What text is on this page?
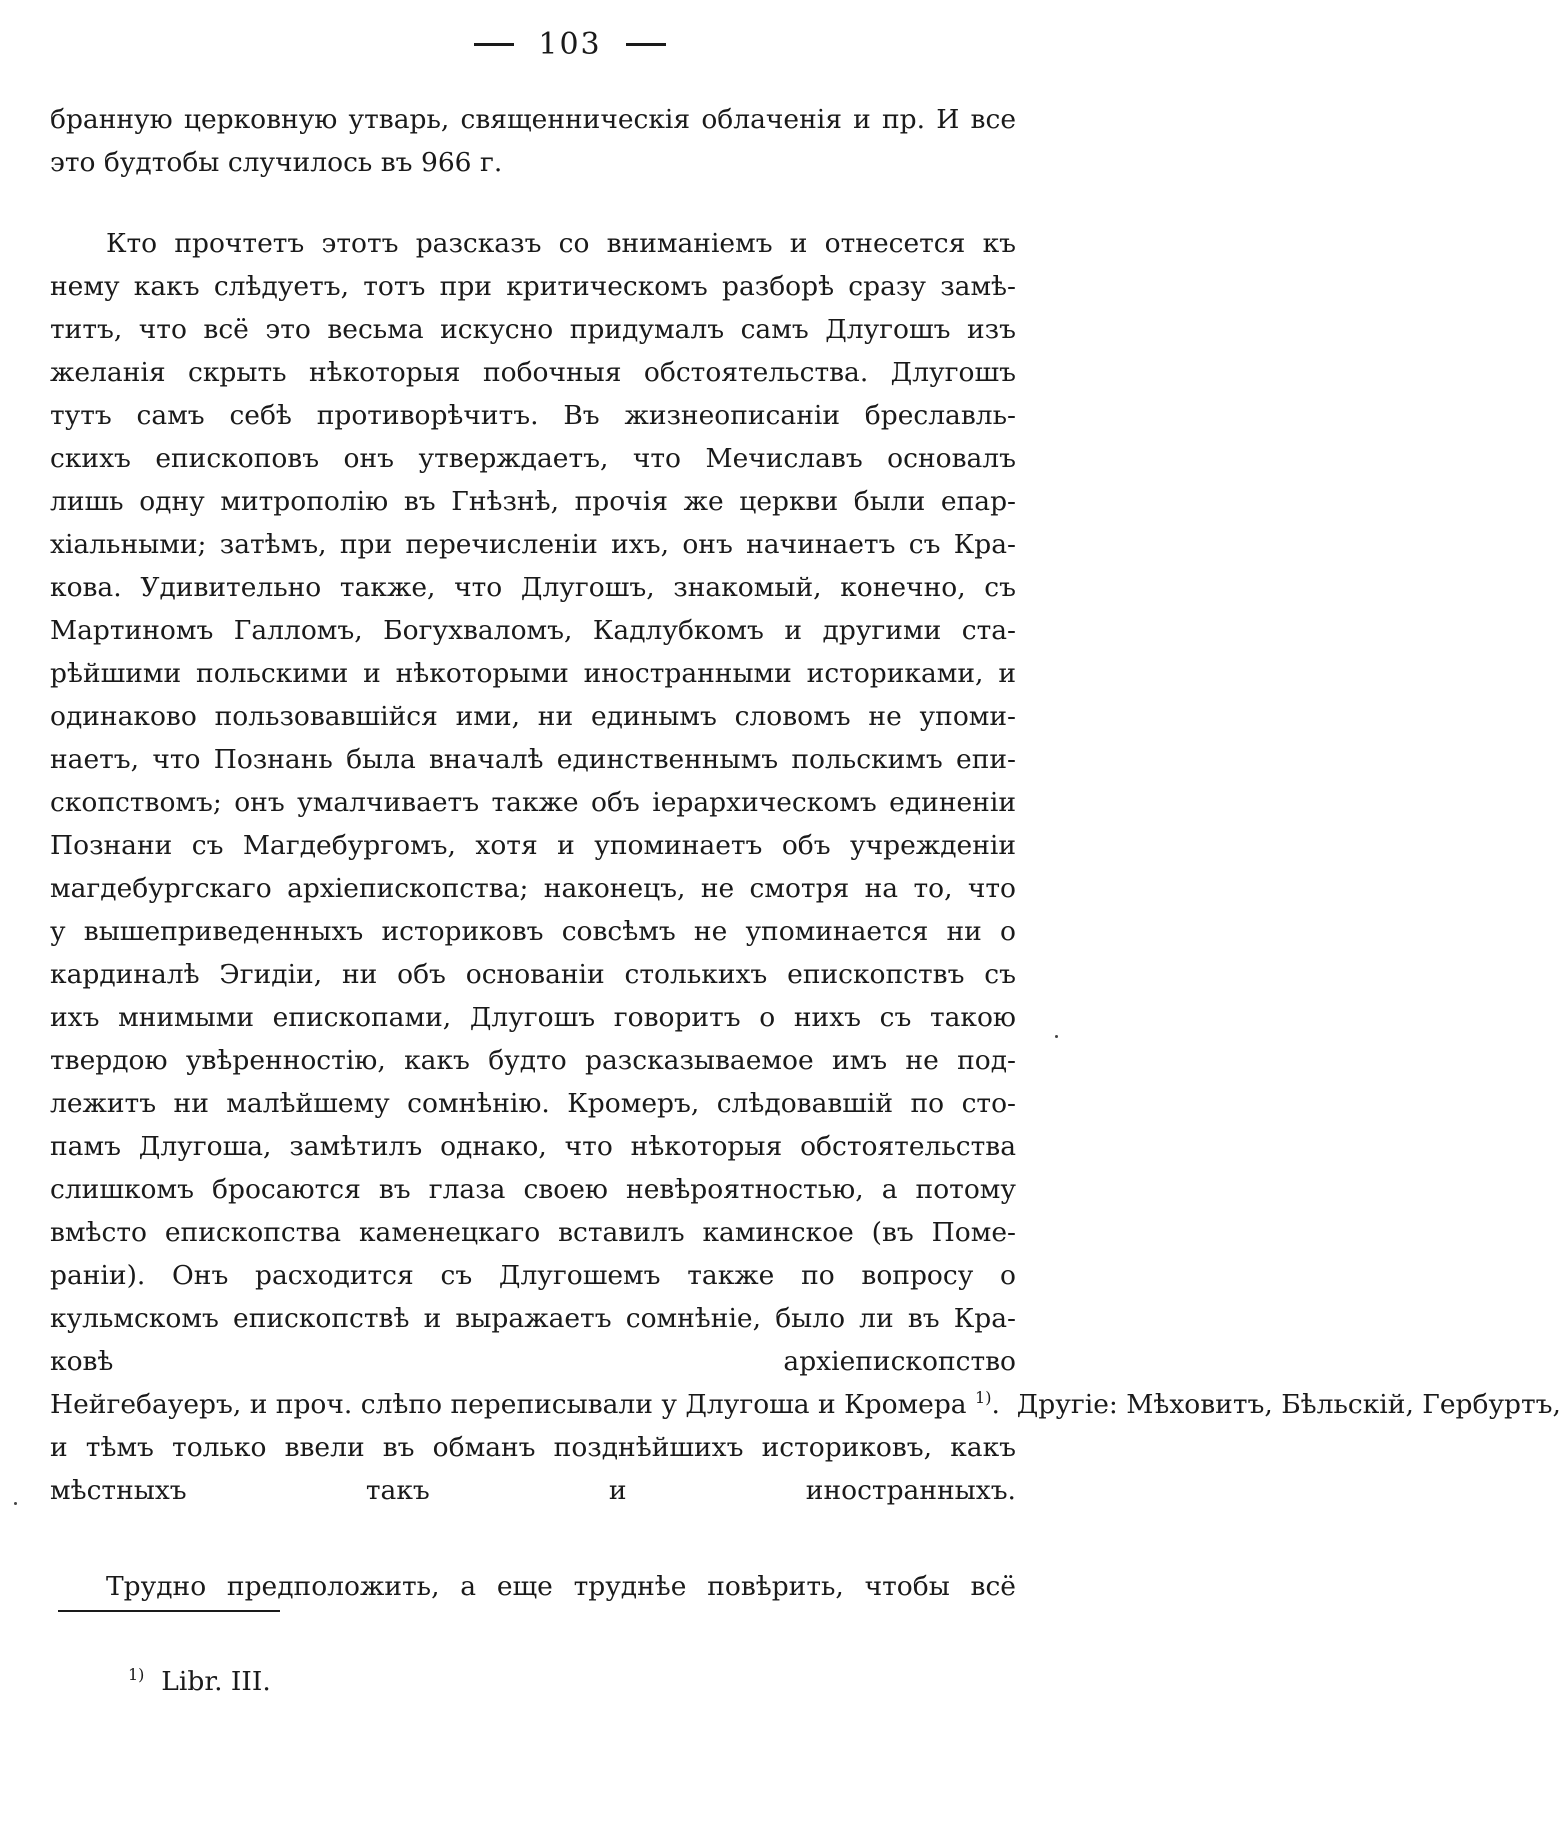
103
бранную церковную утварь, священническія облаченія и пр. И все
это будтобы случилось въ 966 г.
Кто прочтетъ этотъ разсказъ со вниманіемъ и отнесется къ
нему какъ слѣдуетъ, тотъ при критическомъ разборѣ сразу замѣ-
титъ, что всё это весьма искусно придумалъ самъ Длугошъ изъ
желанія скрыть нѣкоторыя побочныя обстоятельства. Длугошъ
тутъ самъ себѣ противорѣчитъ. Въ жизнеописаніи бреславль-
скихъ епископовъ онъ утверждаетъ, что Мечиславъ основалъ
лишь одну митрополію въ Гнѣзнѣ, прочія же церкви были епар-
хіальными; затѣмъ, при перечисленіи ихъ, онъ начинаетъ съ Кра-
кова. Удивительно также, что Длугошъ, знакомый, конечно, съ
Мартиномъ Галломъ, Богухваломъ, Кадлубкомъ и другими ста-
рѣйшими польскими и нѣкоторыми иностранными историками, и
одинаково пользовавшійся ими, ни единымъ словомъ не упоми-
наетъ, что Познань была вначалѣ единственнымъ польскимъ епи-
скопствомъ; онъ умалчиваетъ также объ іерархическомъ единеніи
Познани съ Магдебургомъ, хотя и упоминаетъ объ учрежденіи
магдебургскаго архіепископства; наконецъ, не смотря на то, что
у вышеприведенныхъ историковъ совсѣмъ не упоминается ни о
кардиналѣ Эгидіи, ни объ основаніи столькихъ епископствъ съ
ихъ мнимыми епископами, Длугошъ говоритъ о нихъ съ такою
твердою увѣренностію, какъ будто разсказываемое имъ не под-
лежитъ ни малѣйшему сомнѣнію. Кромеръ, слѣдовавшій по сто-
памъ Длугоша, замѣтилъ однако, что нѣкоторыя обстоятельства
слишкомъ бросаются въ глаза своею невѣроятностью, а потому
вмѣсто епископства каменецкаго вставилъ каминское (въ Поме-
раніи). Онъ расходится съ Длугошемъ также по вопросу о
кульмскомъ епископствѣ и выражаетъ сомнѣніе, было ли въ Кра-
ковѣ архіепископство
Нейгебауеръ, и проч. слѣпо переписывали у Длугоша и Кромера $^{1)}$.  Другіе: Мѣховитъ, Бѣльскій, Гербуртъ,
и тѣмъ только ввели въ обманъ позднѣйшихъ историковъ, какъ
мѣстныхъ такъ и иностранныхъ.
Трудно предположить, а еще труднѣе повѣрить, чтобы всё
$^{1)}$ Libr. III.
